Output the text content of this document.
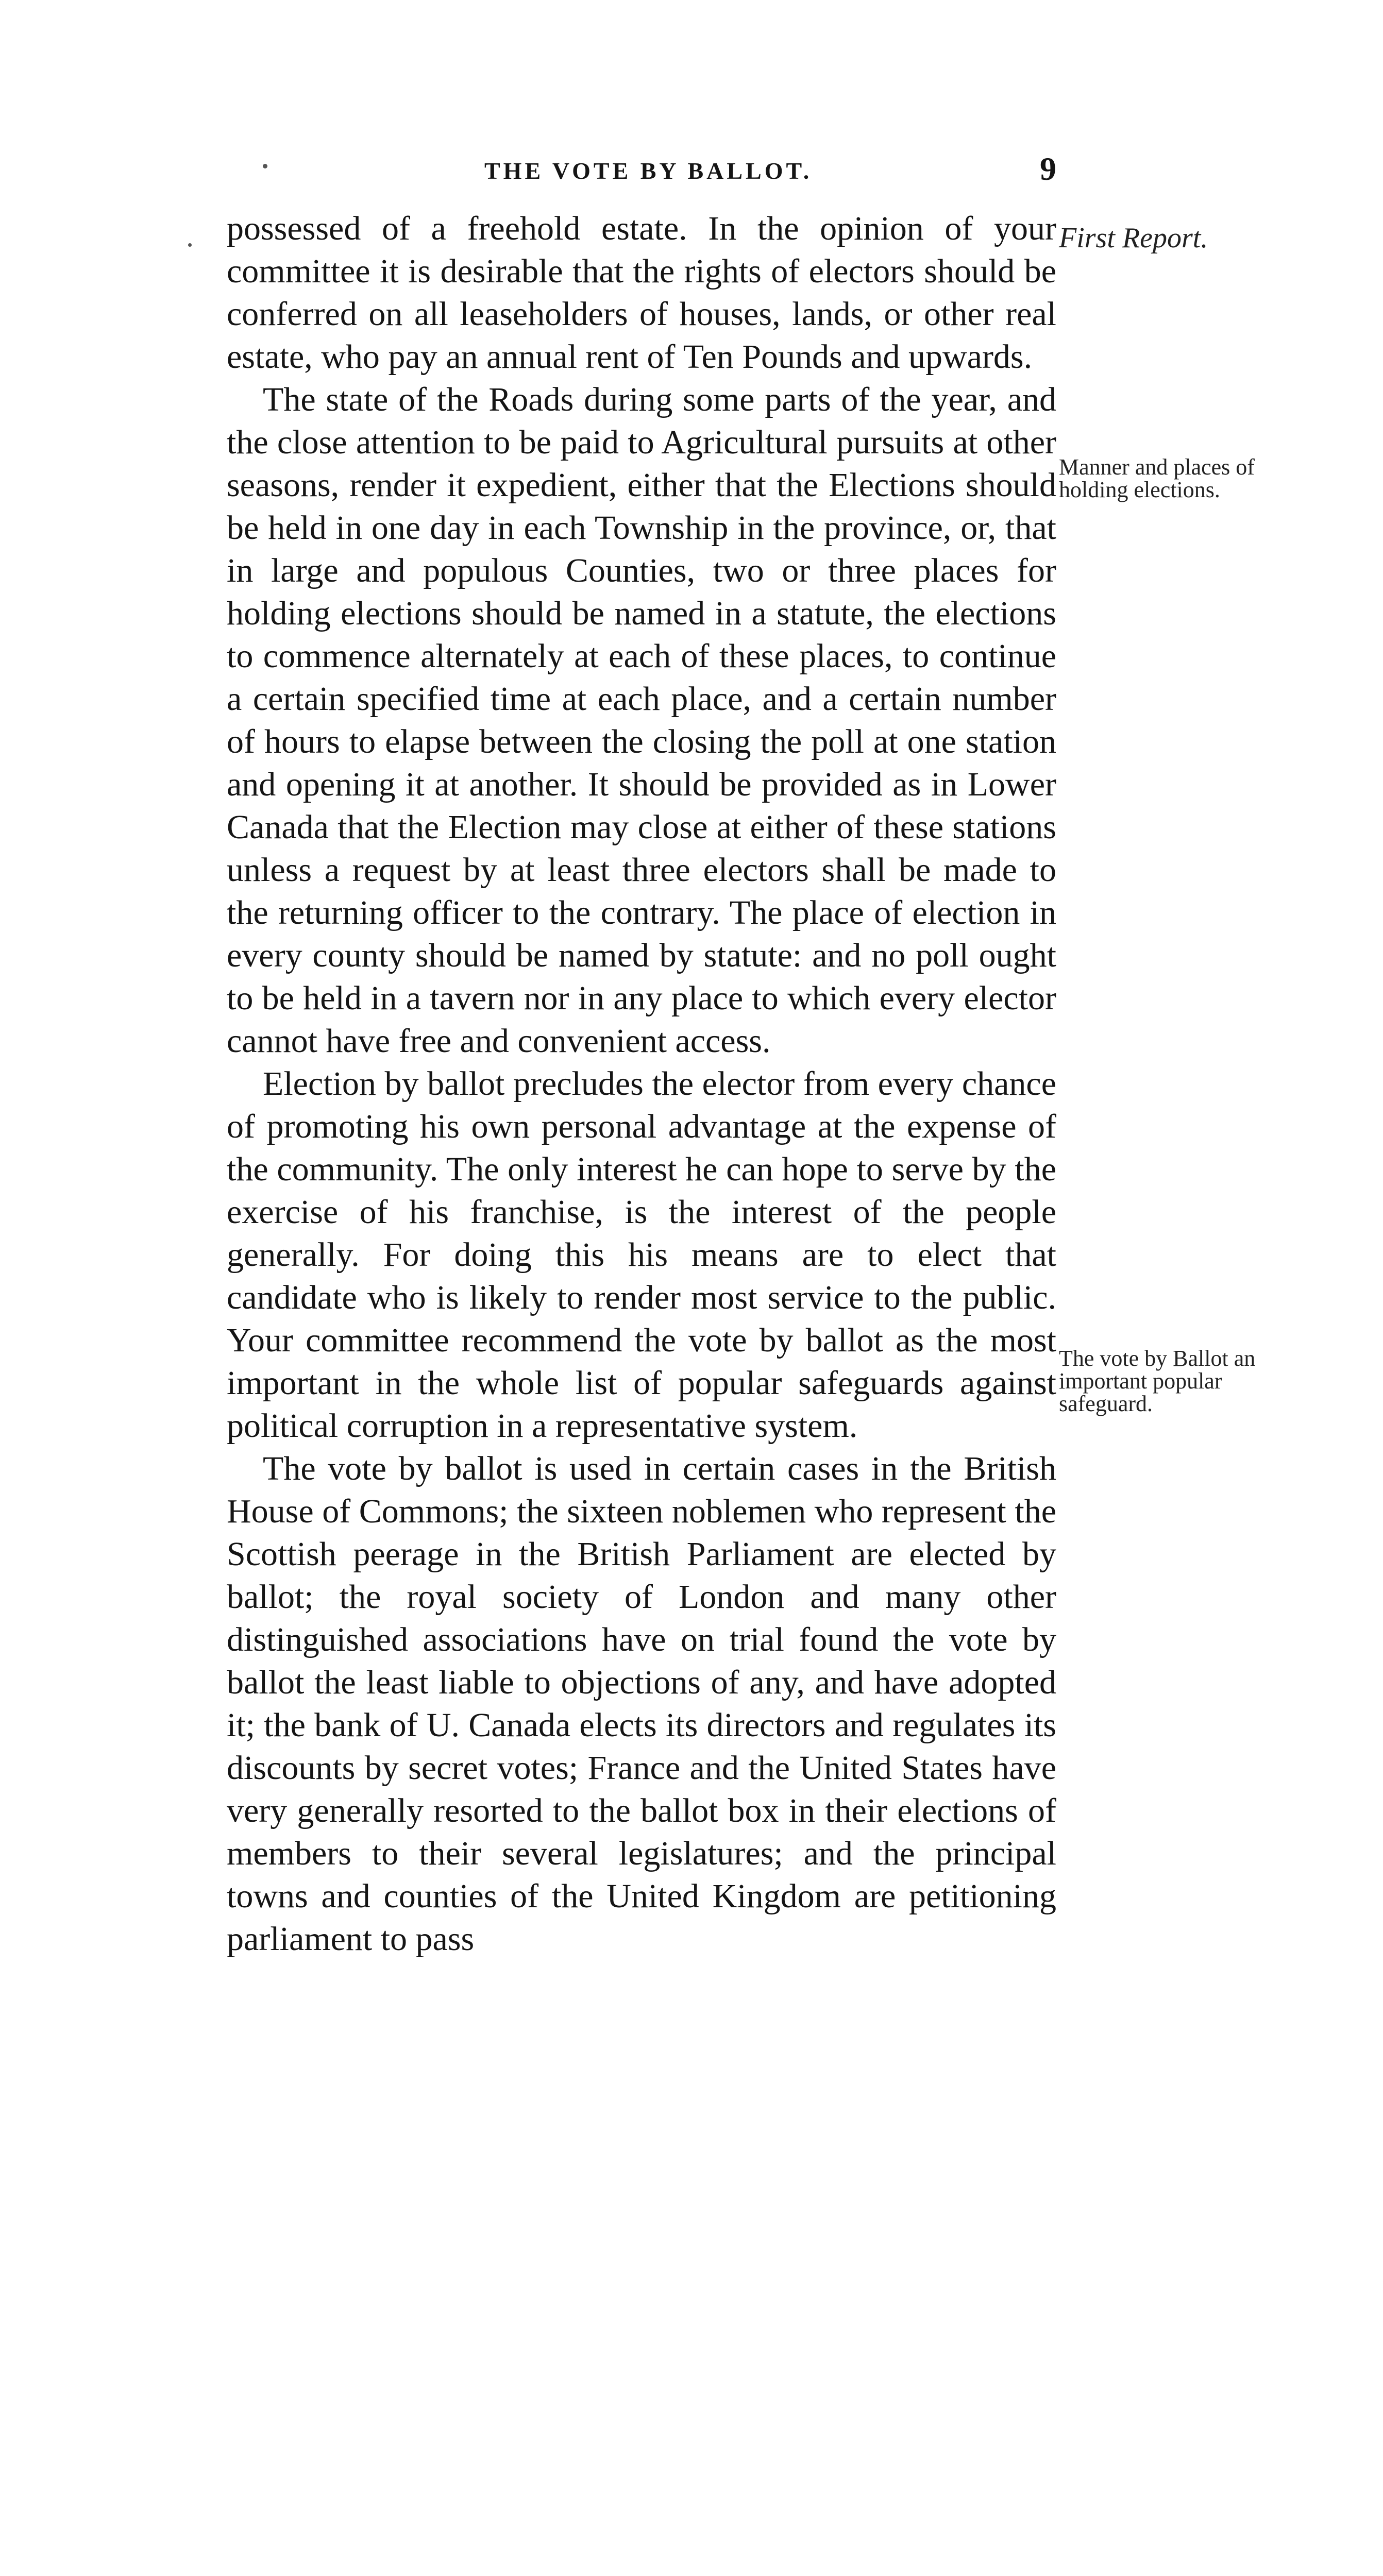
THE VOTE BY BALLOT.	9

possessed of a freehold estate. In the opinion of your committee it is desirable that the rights of electors should be conferred on all leaseholders of houses, lands, or other real estate, who pay an annual rent of Ten Pounds and upwards.

The state of the Roads during some parts of the year, and the close attention to be paid to Agricultural pursuits at other seasons, render it expedient, either that the Elections should be held in one day in each Township in the province, or, that in large and populous Counties, two or three places for holding elections should be named in a statute, the elections to commence alternately at each of these places, to continue a certain specified time at each place, and a certain number of hours to elapse between the closing the poll at one station and opening it at another. It should be provided as in Lower Canada that the Election may close at either of these stations unless a request by at least three electors shall be made to the returning officer to the contrary. The place of election in every county should be named by statute: and no poll ought to be held in a tavern nor in any place to which every elector cannot have free and convenient access.

Election by ballot precludes the elector from every chance of promoting his own personal advantage at the expense of the community. The only interest he can hope to serve by the exercise of his franchise, is the interest of the people generally. For doing this his means are to elect that candidate who is likely to render most service to the public. Your committee recommend the vote by ballot as the most important in the whole list of popular safeguards against political corruption in a representative system.

The vote by ballot is used in certain cases in the British House of Commons; the sixteen noblemen who represent the Scottish peerage in the British Parliament are elected by ballot; the royal society of London and many other distinguished associations have on trial found the vote by ballot the least liable to objections of any, and have adopted it; the bank of U. Canada elects its directors and regulates its discounts by secret votes; France and the United States have very generally resorted to the ballot box in their elections of members to their several legislatures; and the principal towns and counties of the United Kingdom are petitioning parliament to pass

First Report.

Manner and places of holding elections.

The vote by Ballot an important popular safeguard.
